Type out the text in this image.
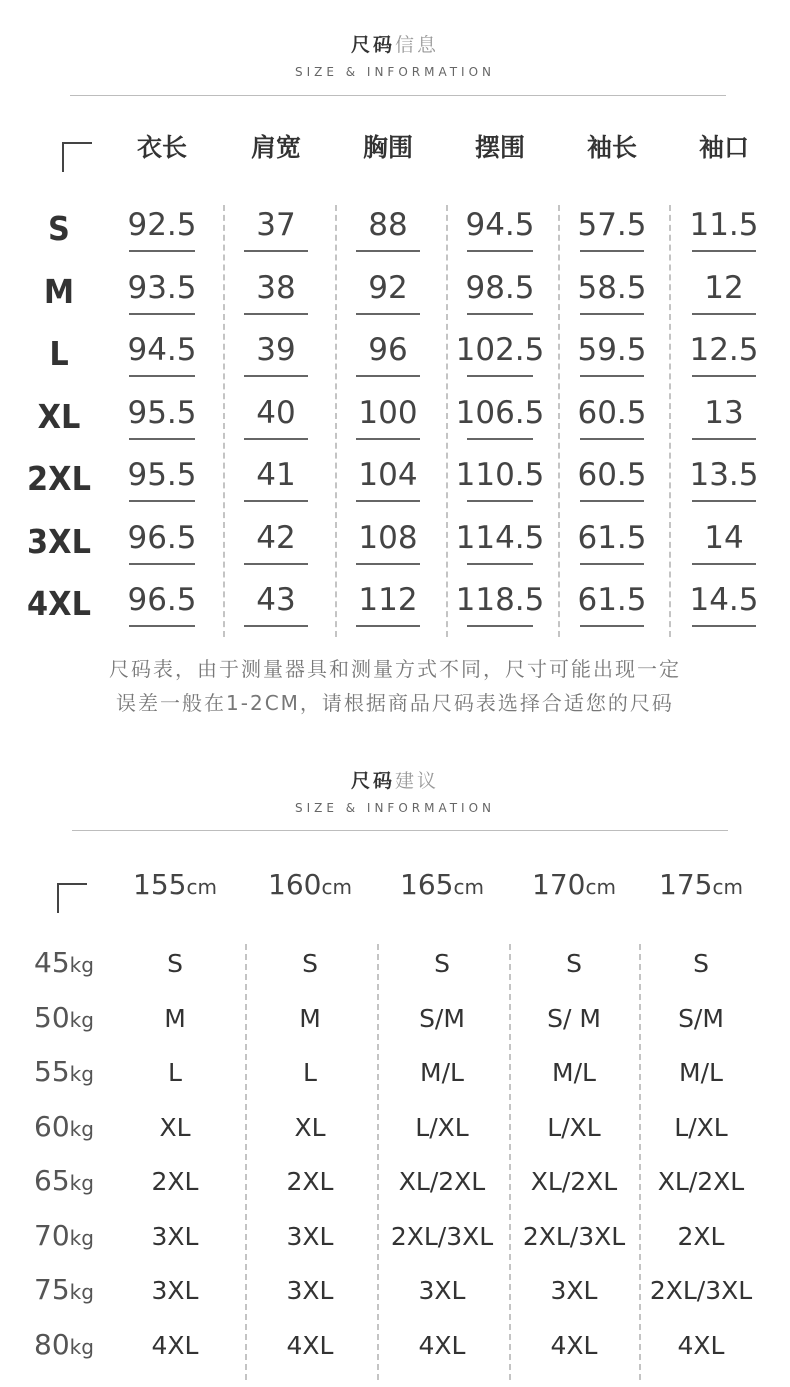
尺码信息
SIZE & INFORMATION
衣长	肩宽	胸围	摆围	袖长	袖口
S	92.5	37	88	94.5	57.5	11.5
M	93.5	38	92	98.5	58.5	12
L	94.5	39	96	102.5	59.5	12.5
XL	95.5	40	100	106.5	60.5	13
2XL	95.5	41	104	110.5	60.5	13.5
3XL	96.5	42	108	114.5	61.5	14
4XL	96.5	43	112	118.5	61.5	14.5
尺码表，由于测量器具和测量方式不同，尺寸可能出现一定
误差一般在1-2CM，请根据商品尺码表选择合适您的尺码
尺码建议
SIZE & INFORMATION
155cm	160cm	165cm	170cm	175cm
45kg	S	S	S	S	S
50kg	M	M	S/M	S/ M	S/M
55kg	L	L	M/L	M/L	M/L
60kg	XL	XL	L/XL	L/XL	L/XL
65kg	2XL	2XL	XL/2XL	XL/2XL	XL/2XL
70kg	3XL	3XL	2XL/3XL	2XL/3XL	2XL
75kg	3XL	3XL	3XL	3XL	2XL/3XL
80kg	4XL	4XL	4XL	4XL	4XL
